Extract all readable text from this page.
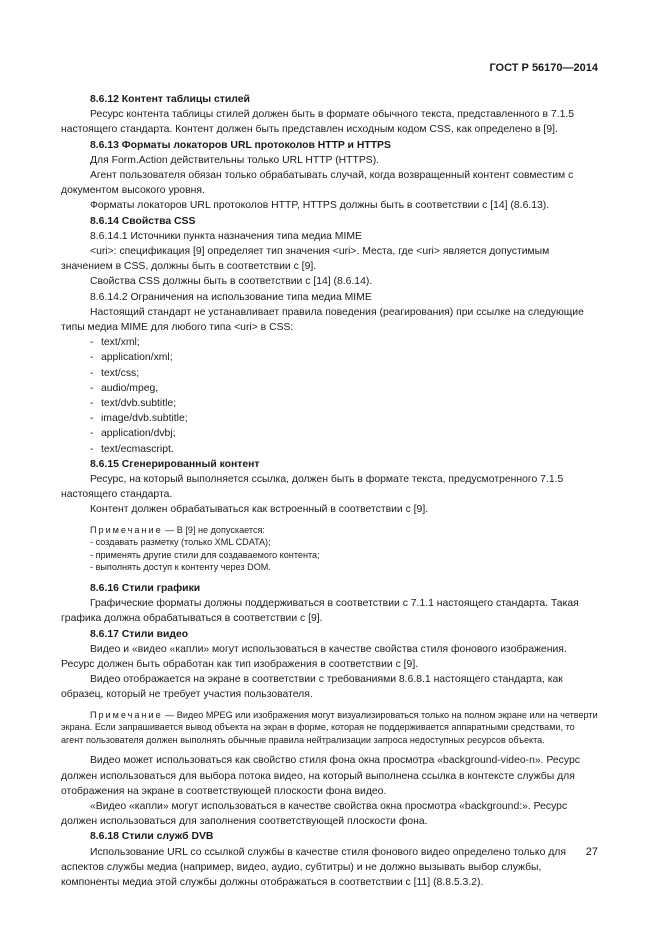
ГОСТ Р 56170—2014

8.6.12 Контент таблицы стилей

Ресурс контента таблицы стилей должен быть в формате обычного текста, представленного в 7.1.5 настоящего стандарта. Контент должен быть представлен исходным кодом CSS, как определено в [9].

8.6.13 Форматы локаторов URL протоколов HTTP и HTTPS

Для Form.Action действительны только URL HTTP (HTTPS).

Агент пользователя обязан только обрабатывать случай, когда возвращенный контент совместим с документом высокого уровня.

Форматы локаторов URL протоколов HTTP, HTTPS должны быть в соответствии с [14] (8.6.13).

8.6.14 Свойства CSS

8.6.14.1 Источники пункта назначения типа медиа MIME

<uri>: спецификация [9] определяет тип значения <uri>. Места, где <uri> является допустимым значением в CSS, должны быть в соответствии с [9].

Свойства CSS должны быть в соответствии с [14] (8.6.14).

8.6.14.2 Ограничения на использование типа медиа MIME

Настоящий стандарт не устанавливает правила поведения (реагирования) при ссылке на следующие типы медиа MIME для любого типа <uri> в CSS:

- text/xml;

- application/xml;

- text/css;

- audio/mpeg,

- text/dvb.subtitle;

- image/dvb.subtitle;

- application/dvbj;

- text/ecmascript.

8.6.15 Сгенерированный контент

Ресурс, на который выполняется ссылка, должен быть в формате текста, предусмотренного 7.1.5 настоящего стандарта.

Контент должен обрабатываться как встроенный в соответствии с [9].

Примечание — В [9] не допускается:

- создавать разметку (только XML CDATA);

- применять другие стили для создаваемого контента;

- выполнять доступ к контенту через DOM.

8.6.16 Стили графики

Графические форматы должны поддерживаться в соответствии с 7.1.1 настоящего стандарта. Такая графика должна обрабатываться в соответствии с [9].

8.6.17 Стили видео

Видео и «видео «капли» могут использоваться в качестве свойства стиля фонового изображения. Ресурс должен быть обработан как тип изображения в соответствии с [9].

Видео отображается на экране в соответствии с требованиями 8.6.8.1 настоящего стандарта, как образец, который не требует участия пользователя.

Примечание — Видео MPEG или изображения могут визуализироваться только на полном экране или на четверти экрана. Если запрашивается вывод объекта на экран в форме, которая не поддерживается аппаратными средствами, то агент пользователя должен выполнять обычные правила нейтрализации запроса недоступных ресурсов объекта.

Видео может использоваться как свойство стиля фона окна просмотра «background-video-n». Ресурс должен использоваться для выбора потока видео, на который выполнена ссылка в контексте службы для отображения на экране в соответствующей плоскости фона видео.

«Видео «капли» могут использоваться в качестве свойства окна просмотра «background:». Ресурс должен использоваться для заполнения соответствующей плоскости фона.

8.6.18 Стили служб DVB

Использование URL со ссылкой службы в качестве стиля фонового видео определено только для аспектов службы медиа (например, видео, аудио, субтитры) и не должно вызывать выбор службы, компоненты медиа этой службы должны отображаться в соответствии с [11] (8.8.5.3.2).

27
